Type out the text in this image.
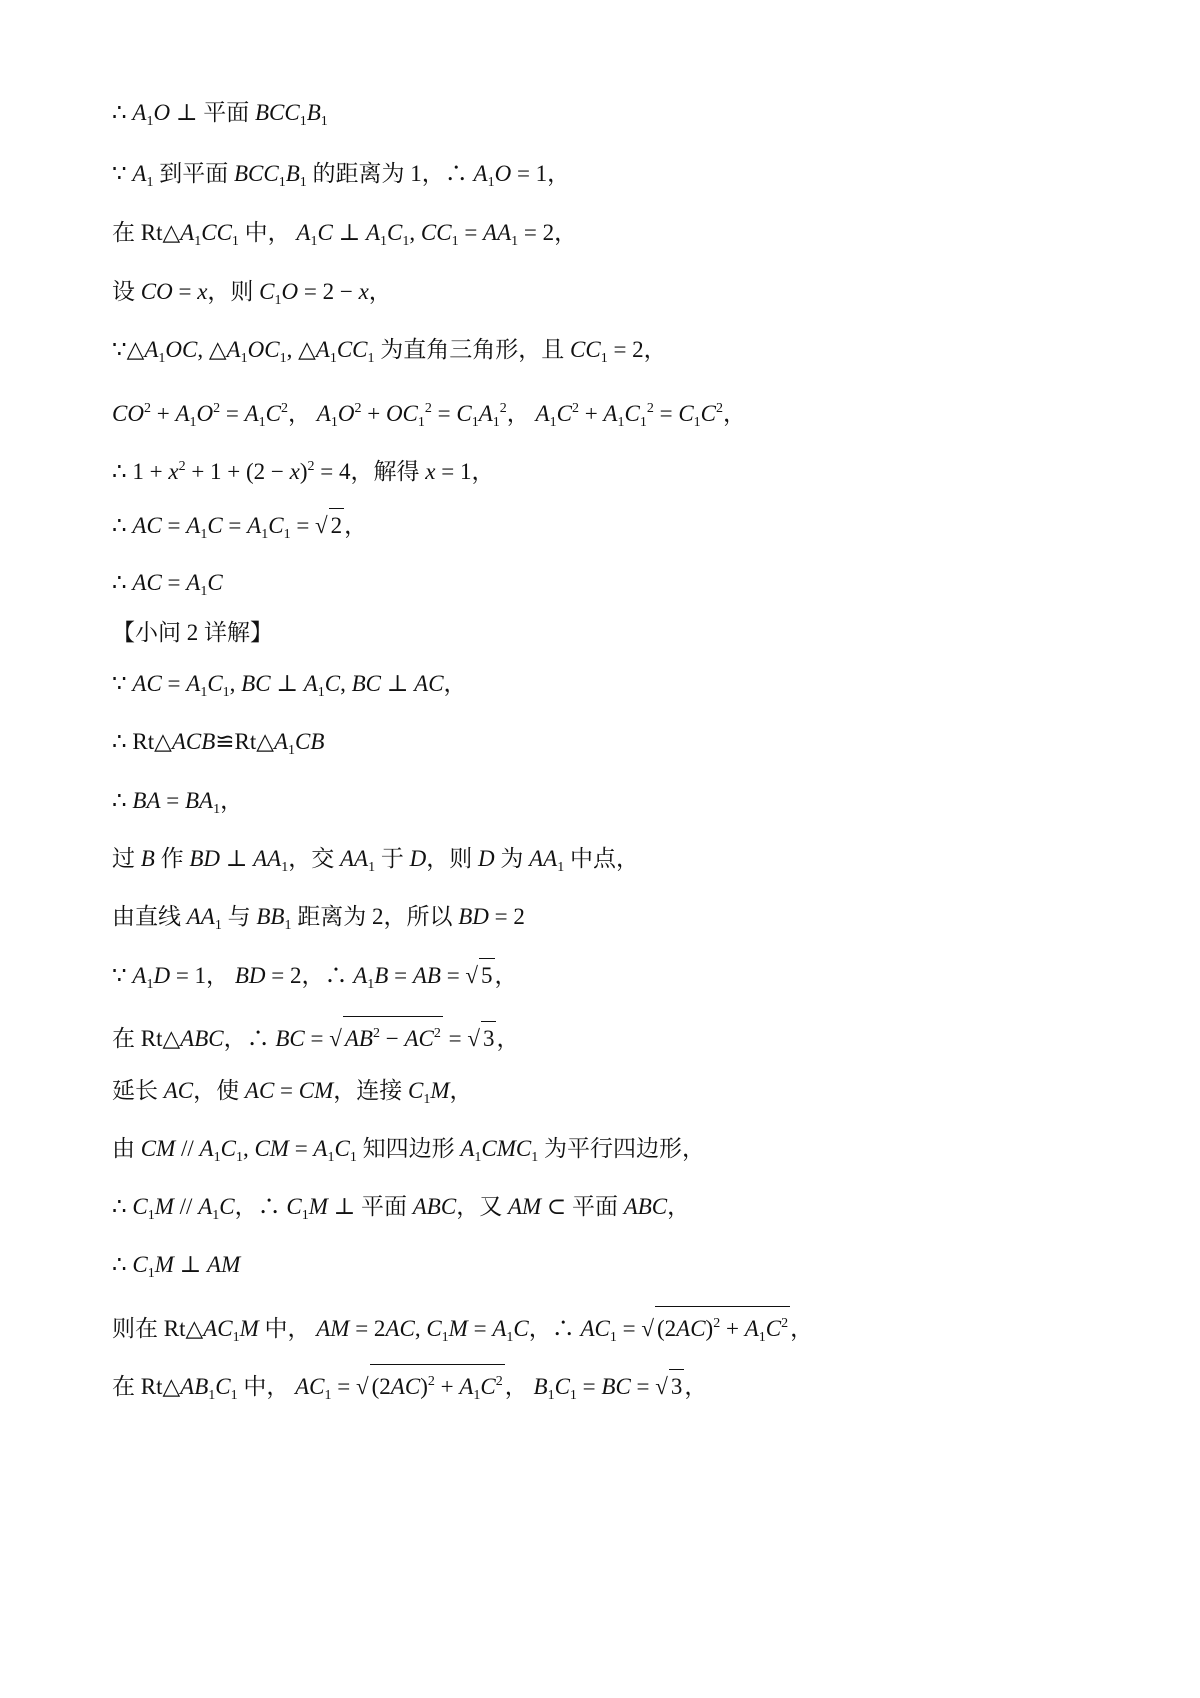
∴ $A_1O$ ⊥ 平面 $BCC_1B_1$
∵ $A_1$ 到平面 $BCC_1B_1$ 的距离为 1，∴ $A_1O = 1$，
在 $Rt\triangle A_1CC_1$ 中， $A_1C$ ⊥ $A_1C_1$, $CC_1 = AA_1 = 2$，
设 CO = x，则 $C_1O = 2 - x$，
$\because\triangle A_1OC$, $\triangle A_1OC_1$, $\triangle A_1CC_1$ 为直角三角形，且 $CC_1 = 2$，
$CO^2 + A_1O^2 = A_1C^2$， $A_1O^2 + OC_1^2 = C_1A_1^2$， $A_1C^2 + A_1C_1^2 = C_1C^2$，
∴ $1 + x^2 + 1 + (2 - x)^2 = 4$，解得 x = 1，
∴ AC = $A_1C = A_1C_1$ = √ 2，
∴ AC = $A_1C$
【小问 2 详解】
∵ AC = $A_1C_1$, BC ⊥ $A_1C$, BC ⊥ AC，
∴ $Rt\triangle ACB≌Rt\triangle A_1CB$
∴ BA = $BA_1$，
过 B 作 BD ⊥ $AA_1$，交 $AA_1$ 于 D，则 D 为 $AA_1$ 中点，
由直线 $AA_1$ 与 $BB_1$ 距离为 2，所以 BD = 2
∵ $A_1D = 1$， BD = 2，∴ $A_1B$ = AB = √ 5，
在 Rt△ABC，∴ BC = √ $AB^2 - AC^2$ = √ 3，
延长 AC，使 AC = CM，连接 $C_1M$，
由 CM // $A_1C_1$, CM = $A_1C_1$ 知四边形 $A_1CMC_1$ 为平行四边形，
∴ $C_1M // A_1C$，∴ $C_1M$ ⊥ 平面 ABC，又 AM ⊂ 平面 ABC，
∴ $C_1M$ ⊥ AM
则在 $Rt\triangle AC_1M$ 中， AM = 2AC, $C_1M = A_1C$，∴ $AC_1$ = √ $(2AC)^2 + A_1C^2$，
在 $Rt\triangle AB_1C_1$ 中， $AC_1$ = √ $(2AC)^2 + A_1C^2$， $B_1C_1$ = BC = √ 3，
